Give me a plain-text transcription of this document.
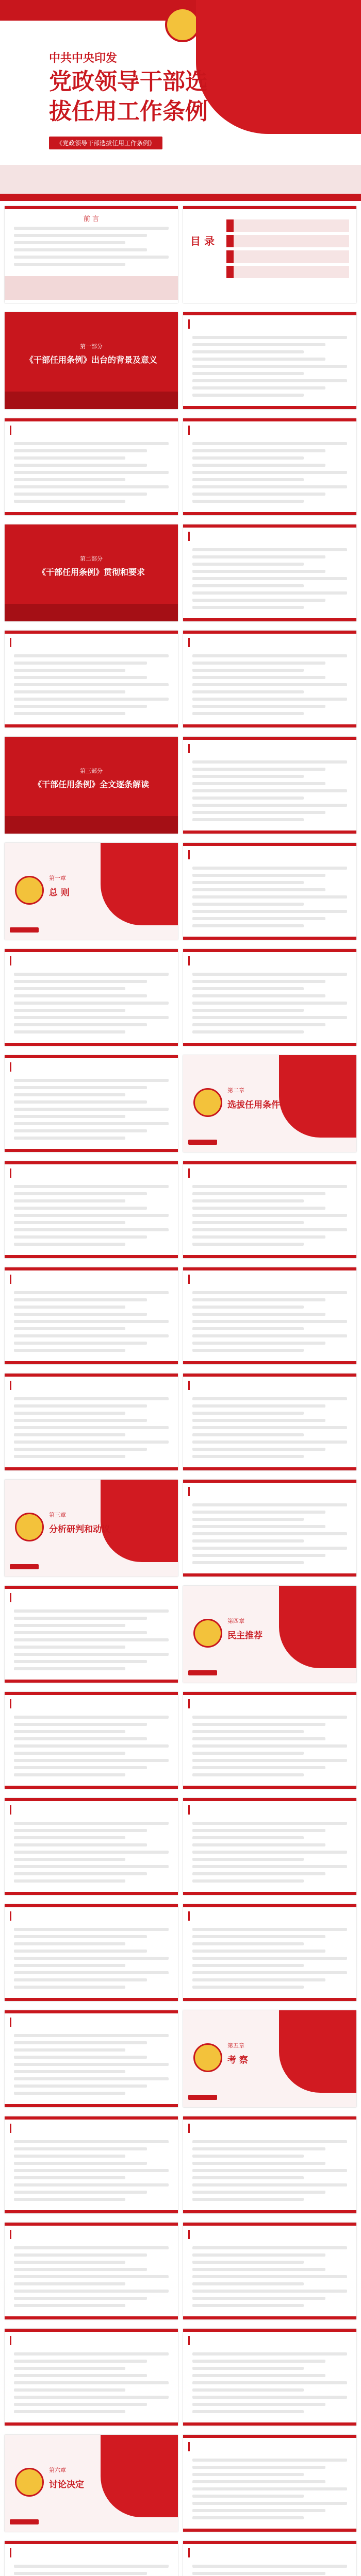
中共中央印发
党政领导干部选拔任用工作条例
《党政领导干部选拔任用工作条例》
前 言
目 录
第一部分
《干部任用条例》出台的背景及意义
第二部分
《干部任用条例》贯彻和要求
第三部分
《干部任用条例》全文逐条解读
第一章
总 则
第二章
选拔任用条件
第三章
分析研判和动议
第四章
民主推荐
第五章
考 察
第六章
讨论决定
